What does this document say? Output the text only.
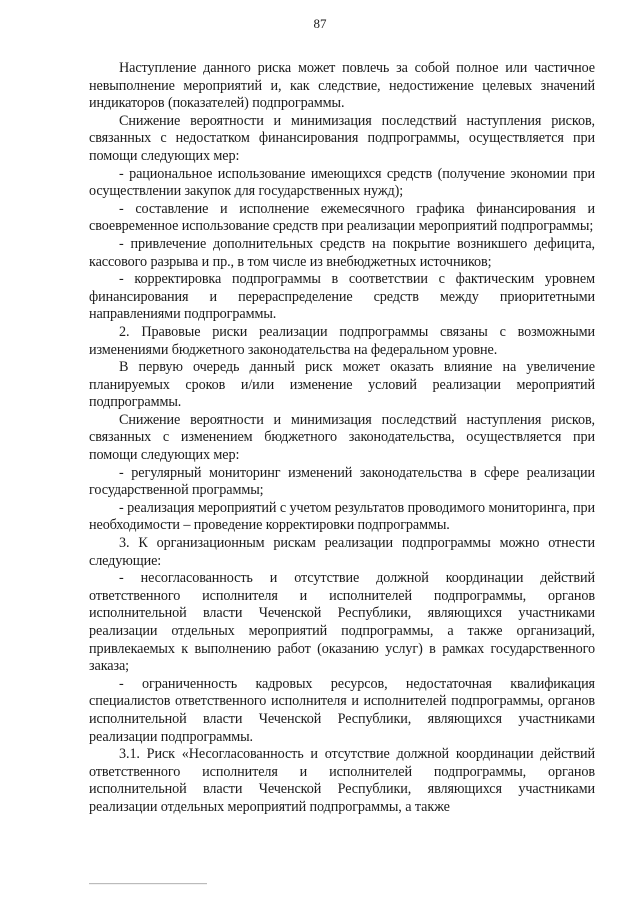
87

Наступление данного риска может повлечь за собой полное или частичное невыполнение мероприятий и, как следствие, недостижение целевых значений индикаторов (показателей) подпрограммы.

Снижение вероятности и минимизация последствий наступления рисков, связанных с недостатком финансирования подпрограммы, осуществляется при помощи следующих мер:

- рациональное использование имеющихся средств (получение экономии при осуществлении закупок для государственных нужд);

- составление и исполнение ежемесячного графика финансирования и своевременное использование средств при реализации мероприятий подпрограммы;

- привлечение дополнительных средств на покрытие возникшего дефицита, кассового разрыва и пр., в том числе из внебюджетных источников;

- корректировка подпрограммы в соответствии с фактическим уровнем финансирования и перераспределение средств между приоритетными направлениями подпрограммы.

2. Правовые риски реализации подпрограммы связаны с возможными изменениями бюджетного законодательства на федеральном уровне.

В первую очередь данный риск может оказать влияние на увеличение планируемых сроков и/или изменение условий реализации мероприятий подпрограммы.

Снижение вероятности и минимизация последствий наступления рисков, связанных с изменением бюджетного законодательства, осуществляется при помощи следующих мер:

- регулярный мониторинг изменений законодательства в сфере реализации государственной программы;

- реализация мероприятий с учетом результатов проводимого мониторинга, при необходимости – проведение корректировки подпрограммы.

3. К организационным рискам реализации подпрограммы можно отнести следующие:

- несогласованность и отсутствие должной координации действий ответственного исполнителя и исполнителей подпрограммы, органов исполнительной власти Чеченской Республики, являющихся участниками реализации отдельных мероприятий подпрограммы, а также организаций, привлекаемых к выполнению работ (оказанию услуг) в рамках государственного заказа;

- ограниченность кадровых ресурсов, недостаточная квалификация специалистов ответственного исполнителя и исполнителей подпрограммы, органов исполнительной власти Чеченской Республики, являющихся участниками реализации подпрограммы.

3.1. Риск «Несогласованность и отсутствие должной координации действий ответственного исполнителя и исполнителей подпрограммы, органов исполнительной власти Чеченской Республики, являющихся участниками реализации отдельных мероприятий подпрограммы, а также
